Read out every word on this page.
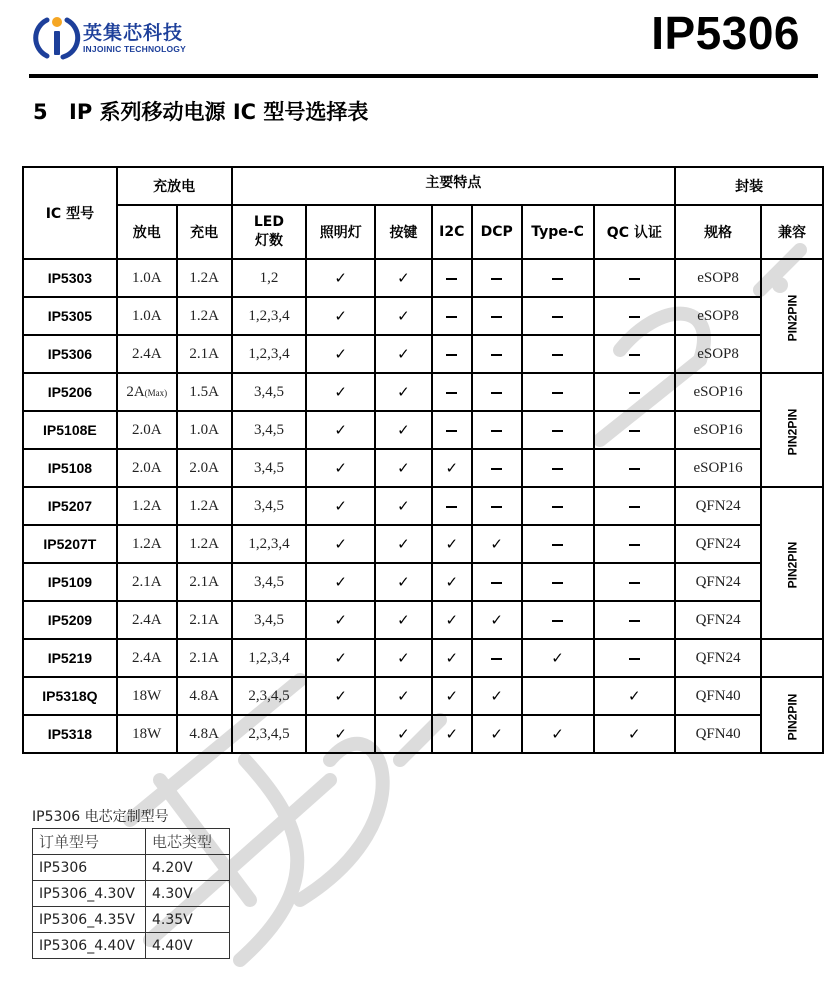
英集芯科技
INJOINIC TECHNOLOGY	IP5306
5 IP 系列移动电源 IC 型号选择表
IC 型号	充放电		主要特点							封装	
	放电	充电	LED
灯数	照明灯	按键	I2C	DCP	Type-C	QC 认证	规格	兼容
IP5303	1.0A	1.2A	1,2	✓	✓					eSOP8	PIN2PIN
IP5305	1.0A	1.2A	1,2,3,4	✓	✓					eSOP8	
IP5306	2.4A	2.1A	1,2,3,4	✓	✓					eSOP8	
IP5206	2A(Max)	1.5A	3,4,5	✓	✓					eSOP16	PIN2PIN
IP5108E	2.0A	1.0A	3,4,5	✓	✓					eSOP16	
IP5108	2.0A	2.0A	3,4,5	✓	✓	✓				eSOP16	
IP5207	1.2A	1.2A	3,4,5	✓	✓					QFN24	PIN2PIN
IP5207T	1.2A	1.2A	1,2,3,4	✓	✓	✓	✓			QFN24	
IP5109	2.1A	2.1A	3,4,5	✓	✓	✓				QFN24	
IP5209	2.4A	2.1A	3,4,5	✓	✓	✓	✓			QFN24	
IP5219	2.4A	2.1A	1,2,3,4	✓	✓	✓		✓		QFN24	
IP5318Q	18W	4.8A	2,3,4,5	✓	✓	✓	✓		✓	QFN40	PIN2PIN
IP5318	18W	4.8A	2,3,4,5	✓	✓	✓	✓	✓	✓	QFN40	
IP5306 电芯定制型号
订单型号	电芯类型
IP5306	4.20V
IP5306_4.30V	4.30V
IP5306_4.35V	4.35V
IP5306_4.40V	4.40V
